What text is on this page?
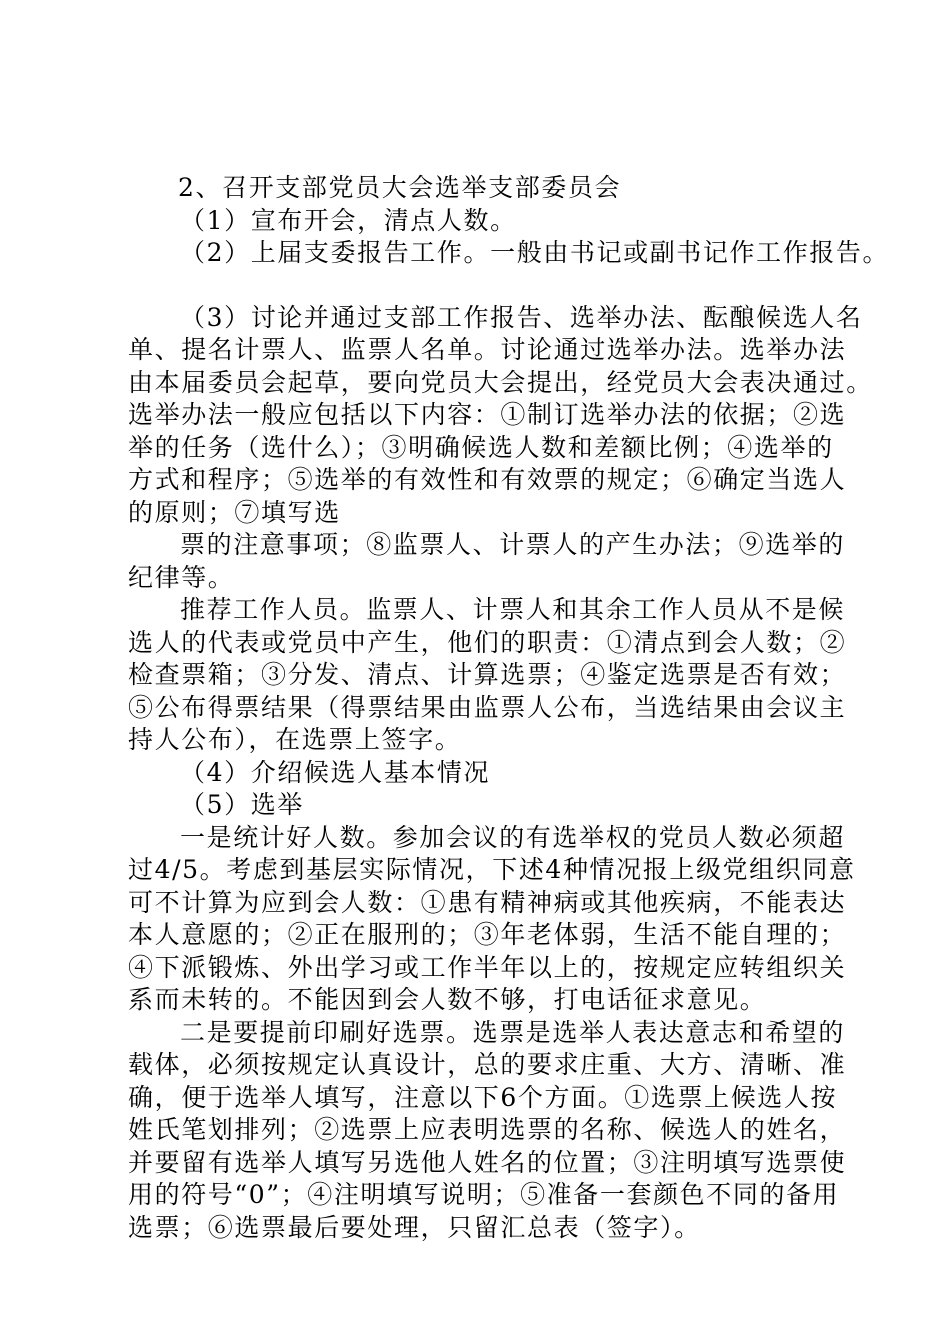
2、召开支部党员大会选举支部委员会
（1）宣布开会，清点人数。
（2）上届支委报告工作。一般由书记或副书记作工作报告。
（3）讨论并通过支部工作报告、选举办法、酝酿候选人名
单、提名计票人、监票人名单。讨论通过选举办法。选举办法
由本届委员会起草，要向党员大会提出，经党员大会表决通过。
选举办法一般应包括以下内容：①制订选举办法的依据；②选
举的任务（选什么）；③明确候选人数和差额比例；④选举的
方式和程序；⑤选举的有效性和有效票的规定；⑥确定当选人
的原则；⑦填写选
票的注意事项；⑧监票人、计票人的产生办法；⑨选举的
纪律等。
推荐工作人员。监票人、计票人和其余工作人员从不是候
选人的代表或党员中产生，他们的职责：①清点到会人数；②
检查票箱；③分发、清点、计算选票；④鉴定选票是否有效；
⑤公布得票结果（得票结果由监票人公布，当选结果由会议主
持人公布），在选票上签字。
（4）介绍候选人基本情况
（5）选举
一是统计好人数。参加会议的有选举权的党员人数必须超
过4/5。考虑到基层实际情况，下述4种情况报上级党组织同意
可不计算为应到会人数：①患有精神病或其他疾病，不能表达
本人意愿的；②正在服刑的；③年老体弱，生活不能自理的；
④下派锻炼、外出学习或工作半年以上的，按规定应转组织关
系而未转的。不能因到会人数不够，打电话征求意见。
二是要提前印刷好选票。选票是选举人表达意志和希望的
载体，必须按规定认真设计，总的要求庄重、大方、清晰、准
确，便于选举人填写，注意以下6个方面。①选票上候选人按
姓氏笔划排列；②选票上应表明选票的名称、候选人的姓名，
并要留有选举人填写另选他人姓名的位置；③注明填写选票使
用的符号“0”；④注明填写说明；⑤准备一套颜色不同的备用
选票；⑥选票最后要处理，只留汇总表（签字）。
